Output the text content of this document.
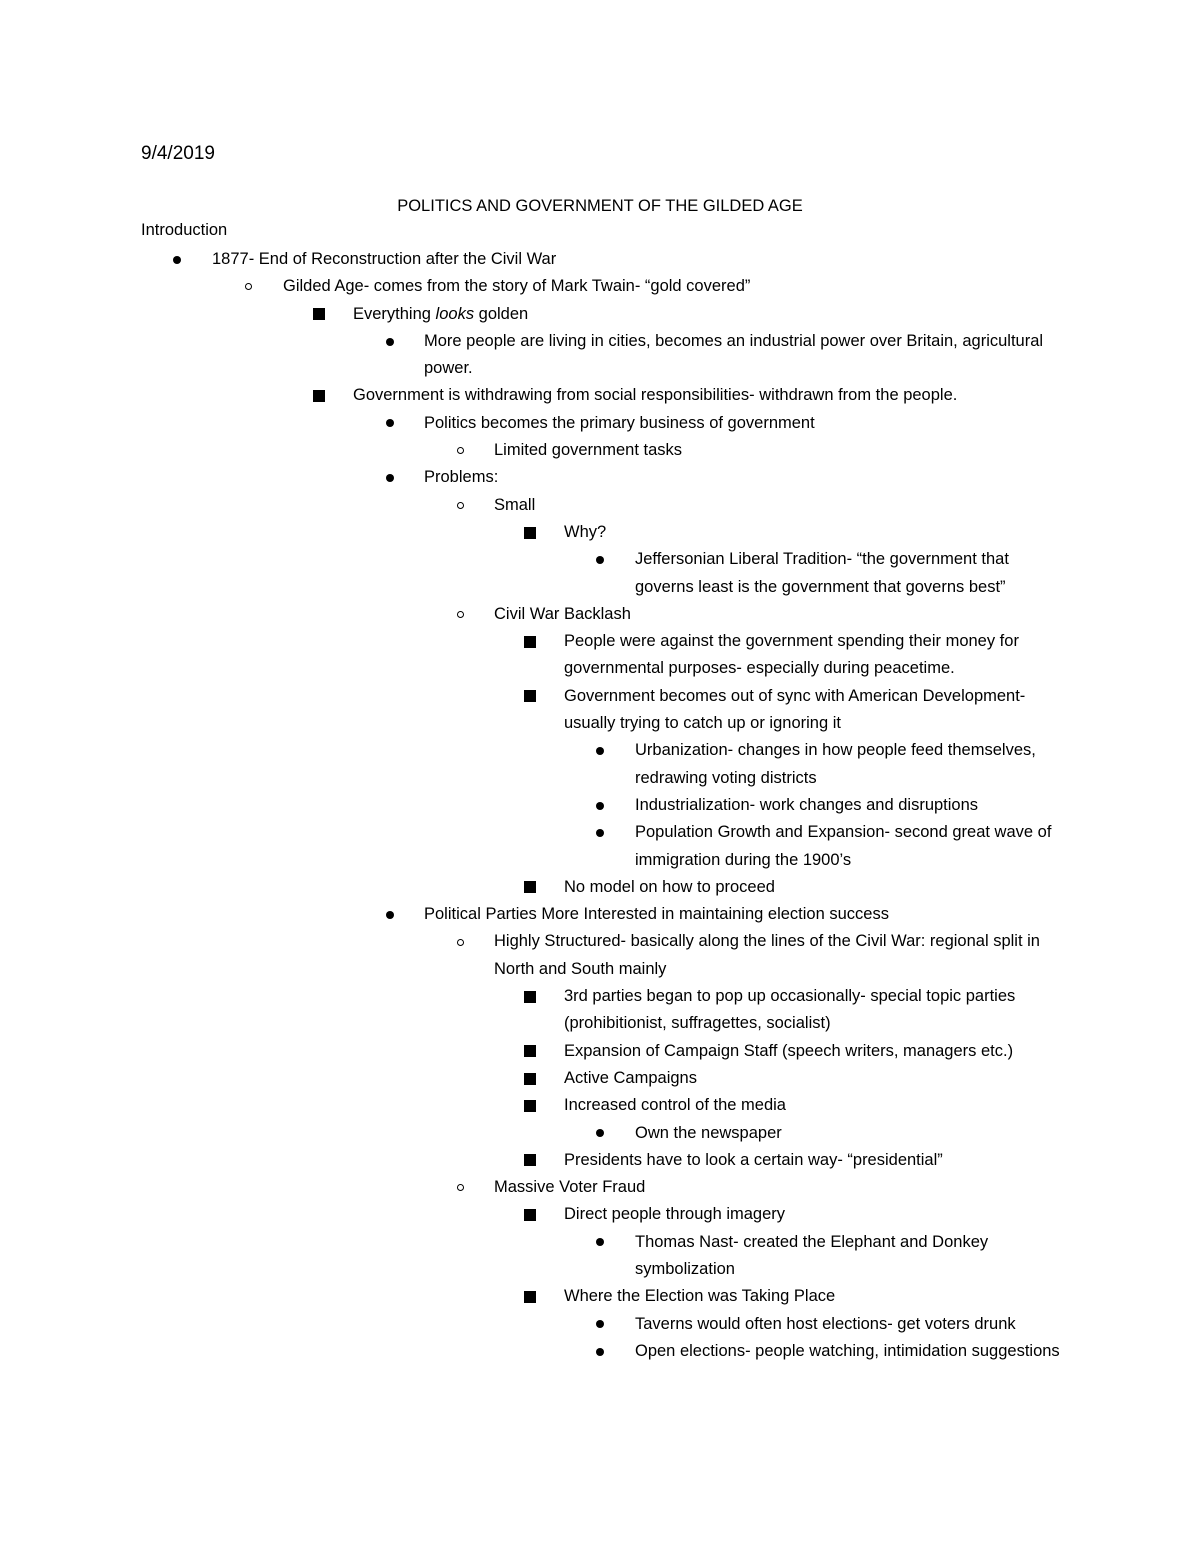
9/4/2019
POLITICS AND GOVERNMENT OF THE GILDED AGE
Introduction
1877- End of Reconstruction after the Civil War
Gilded Age- comes from the story of Mark Twain- “gold covered”
Everything looks golden
More people are living in cities, becomes an industrial power over Britain, agricultural power.
Government is withdrawing from social responsibilities- withdrawn from the people.
Politics becomes the primary business of government
Limited government tasks
Problems:
Small
Why?
Jeffersonian Liberal Tradition- “the government that governs least is the government that governs best”
Civil War Backlash
People were against the government spending their money for governmental purposes- especially during peacetime.
Government becomes out of sync with American Development- usually trying to catch up or ignoring it
Urbanization- changes in how people feed themselves, redrawing voting districts
Industrialization- work changes and disruptions
Population Growth and Expansion- second great wave of immigration during the 1900’s
No model on how to proceed
Political Parties More Interested in maintaining election success
Highly Structured- basically along the lines of the Civil War: regional split in North and South mainly
3rd parties began to pop up occasionally- special topic parties (prohibitionist, suffragettes, socialist)
Expansion of Campaign Staff (speech writers, managers etc.)
Active Campaigns
Increased control of the media
Own the newspaper
Presidents have to look a certain way- “presidential”
Massive Voter Fraud
Direct people through imagery
Thomas Nast- created the Elephant and Donkey symbolization
Where the Election was Taking Place
Taverns would often host elections- get voters drunk
Open elections- people watching, intimidation suggestions
